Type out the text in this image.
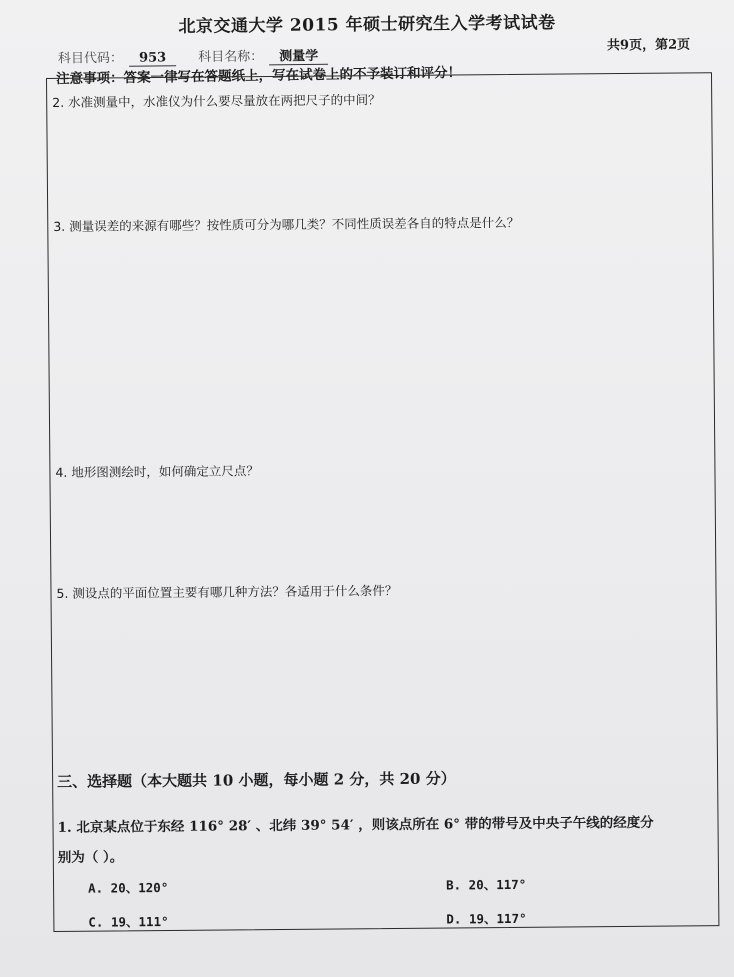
北京交通大学 2015 年硕士研究生入学考试试卷
共9页，第2页
科目代码： 953 科目名称： 测量学
注意事项：答案一律写在答题纸上，写在试卷上的不予装订和评分！
2. 水准测量中，水准仪为什么要尽量放在两把尺子的中间？
3. 测量误差的来源有哪些？按性质可分为哪几类？不同性质误差各自的特点是什么？
4. 地形图测绘时，如何确定立尺点？
5. 测设点的平面位置主要有哪几种方法？各适用于什么条件？
三、选择题（本大题共 10 小题，每小题 2 分，共 20 分）
1. 北京某点位于东经 116° 28′ 、北纬 39° 54′ ，则该点所在 6° 带的带号及中央子午线的经度分
别为（ ）。
A. 20、120°	B. 20、117°
C. 19、111°	D. 19、117°
